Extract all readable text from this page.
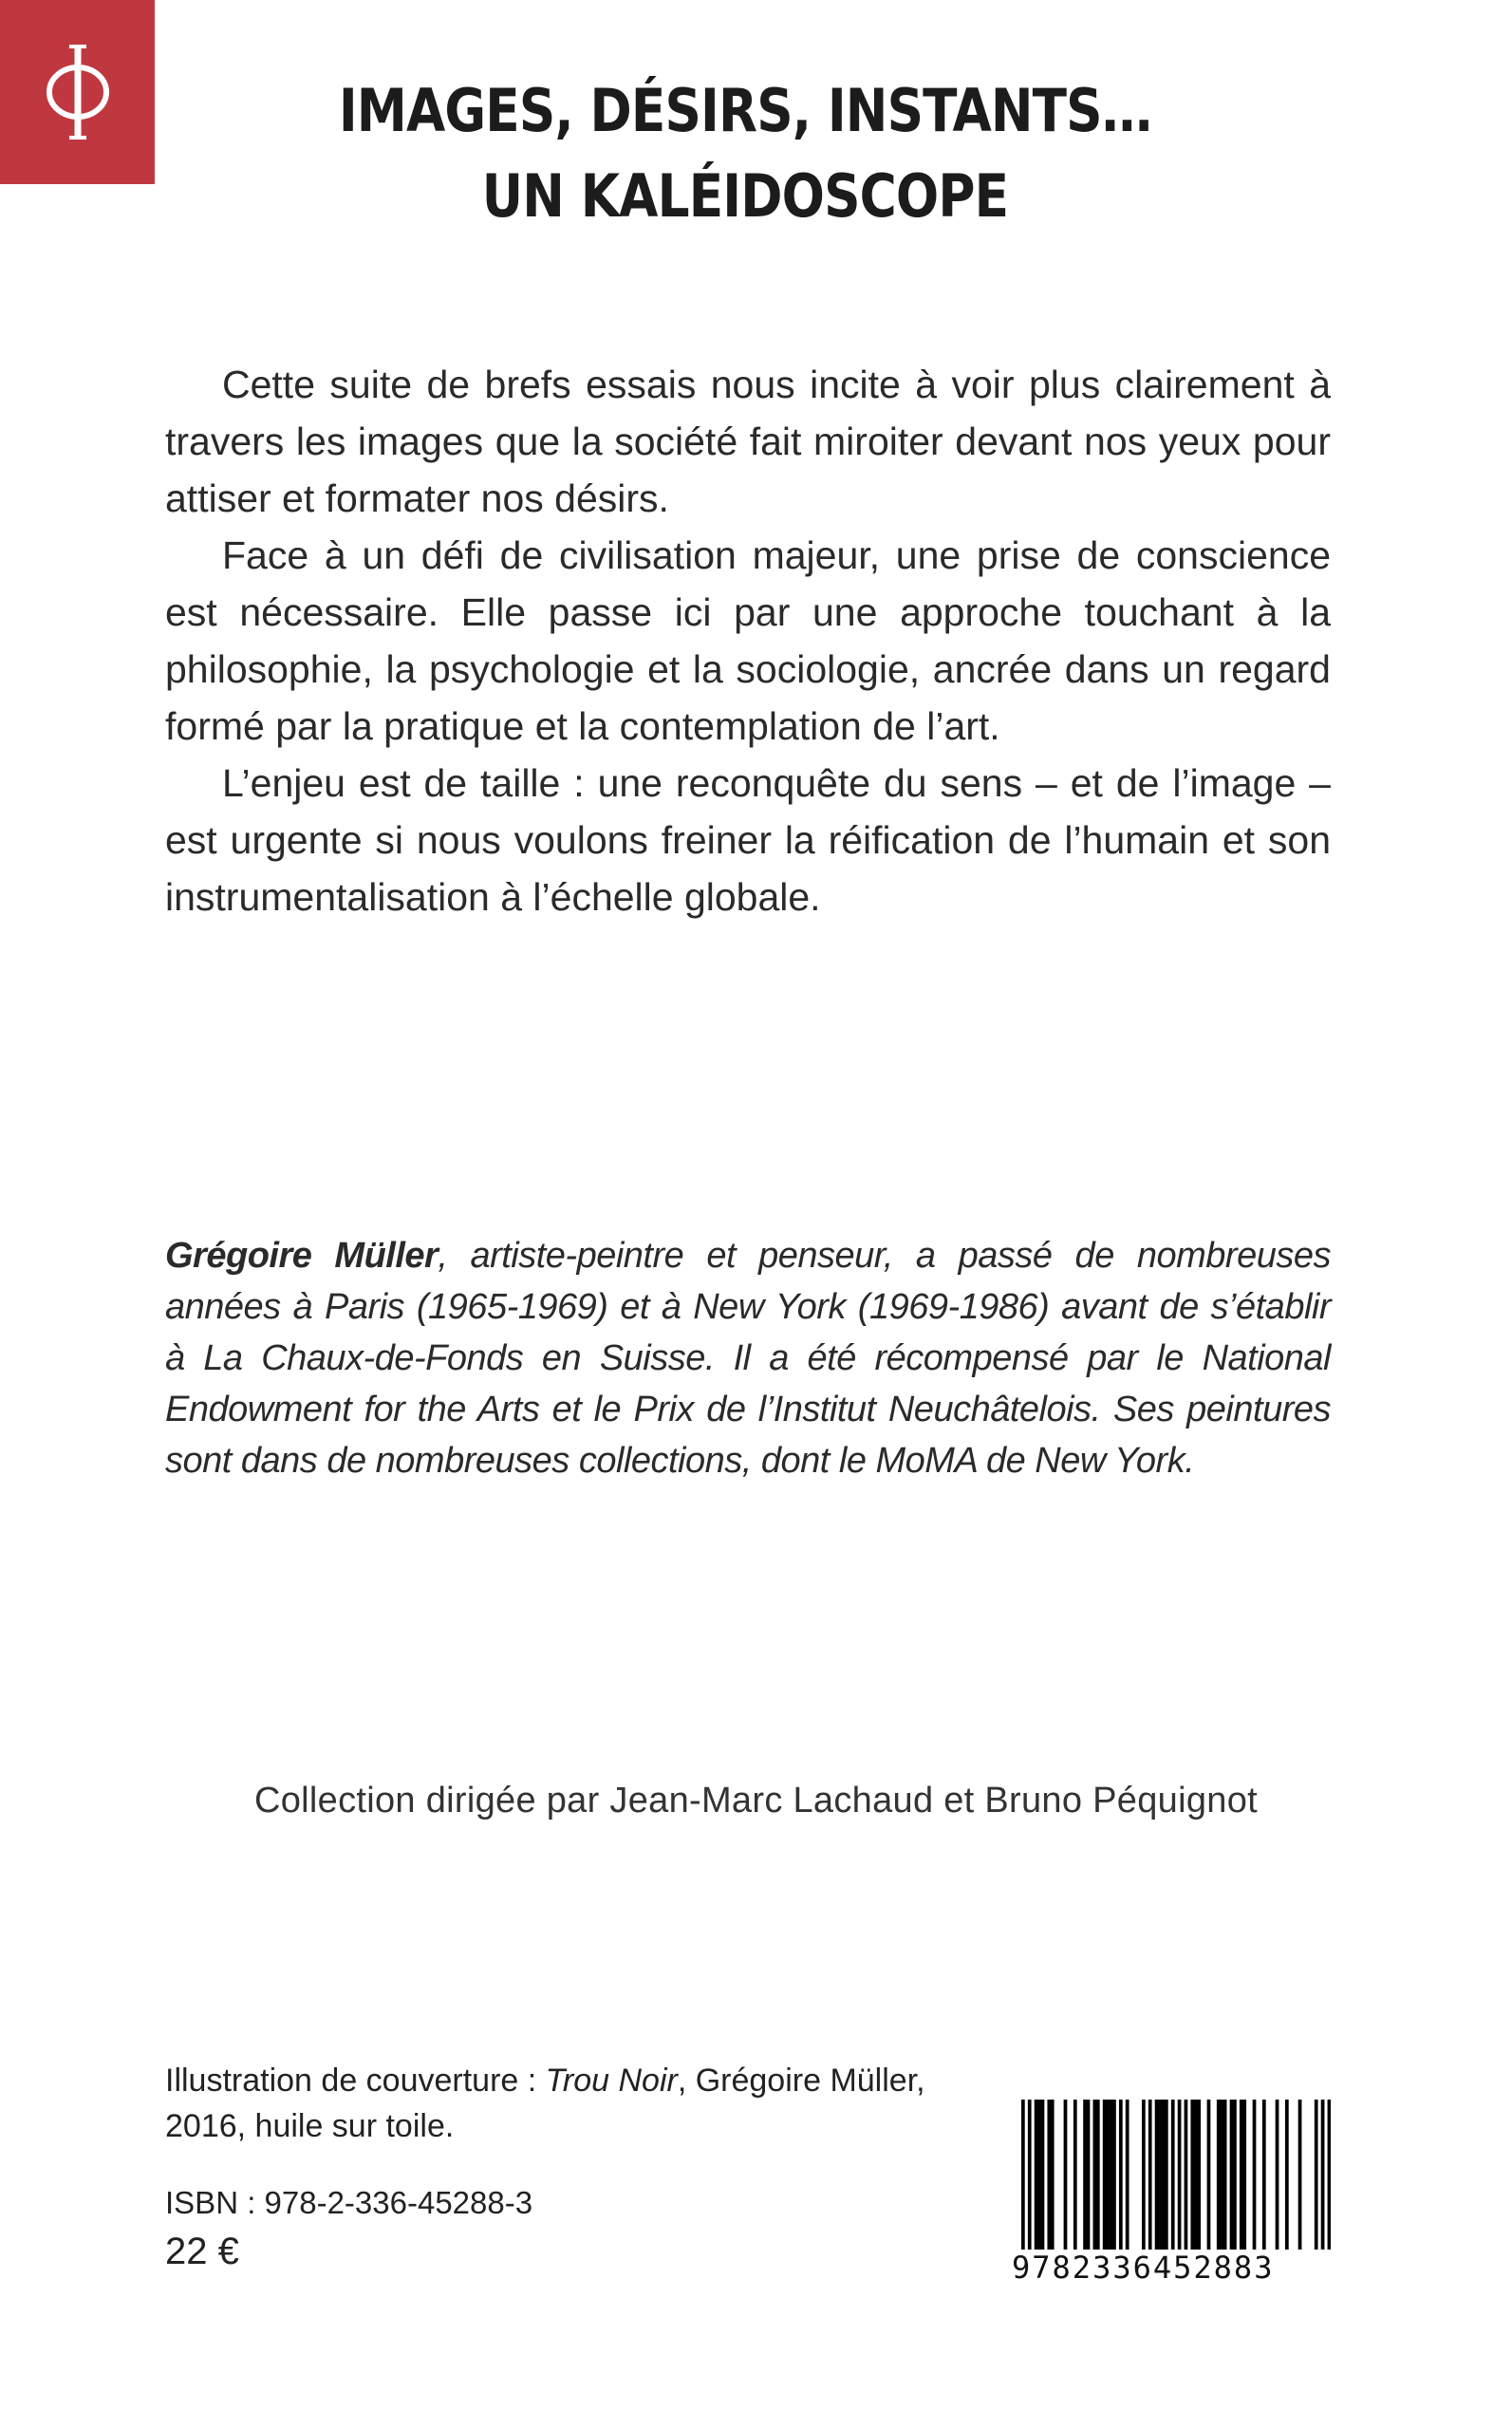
IMAGES, DÉSIRS, INSTANTS…
UN KALÉIDOSCOPE

Cette suite de brefs essais nous incite à voir plus clairement à travers les images que la société fait miroiter devant nos yeux pour attiser et formater nos désirs.

Face à un défi de civilisation majeur, une prise de conscience est nécessaire. Elle passe ici par une approche touchant à la philosophie, la psychologie et la sociologie, ancrée dans un regard formé par la pratique et la contemplation de l’art.

L’enjeu est de taille : une reconquête du sens – et de l’image – est urgente si nous voulons freiner la réification de l’humain et son instrumentalisation à l’échelle globale.

Grégoire Müller, artiste-peintre et penseur, a passé de nombreuses années à Paris (1965-1969) et à New York (1969-1986) avant de s’établir à La Chaux-de-Fonds en Suisse. Il a été récompensé par le National Endowment for the Arts et le Prix de l’Institut Neuchâtelois. Ses peintures sont dans de nombreuses collections, dont le MoMA de New York.
Collection dirigée par Jean-Marc Lachaud et Bruno Péquignot
Illustration de couverture : Trou Noir, Grégoire Müller, 2016, huile sur toile.
ISBN : 978-2-336-45288-3
22 €	9782336452883
